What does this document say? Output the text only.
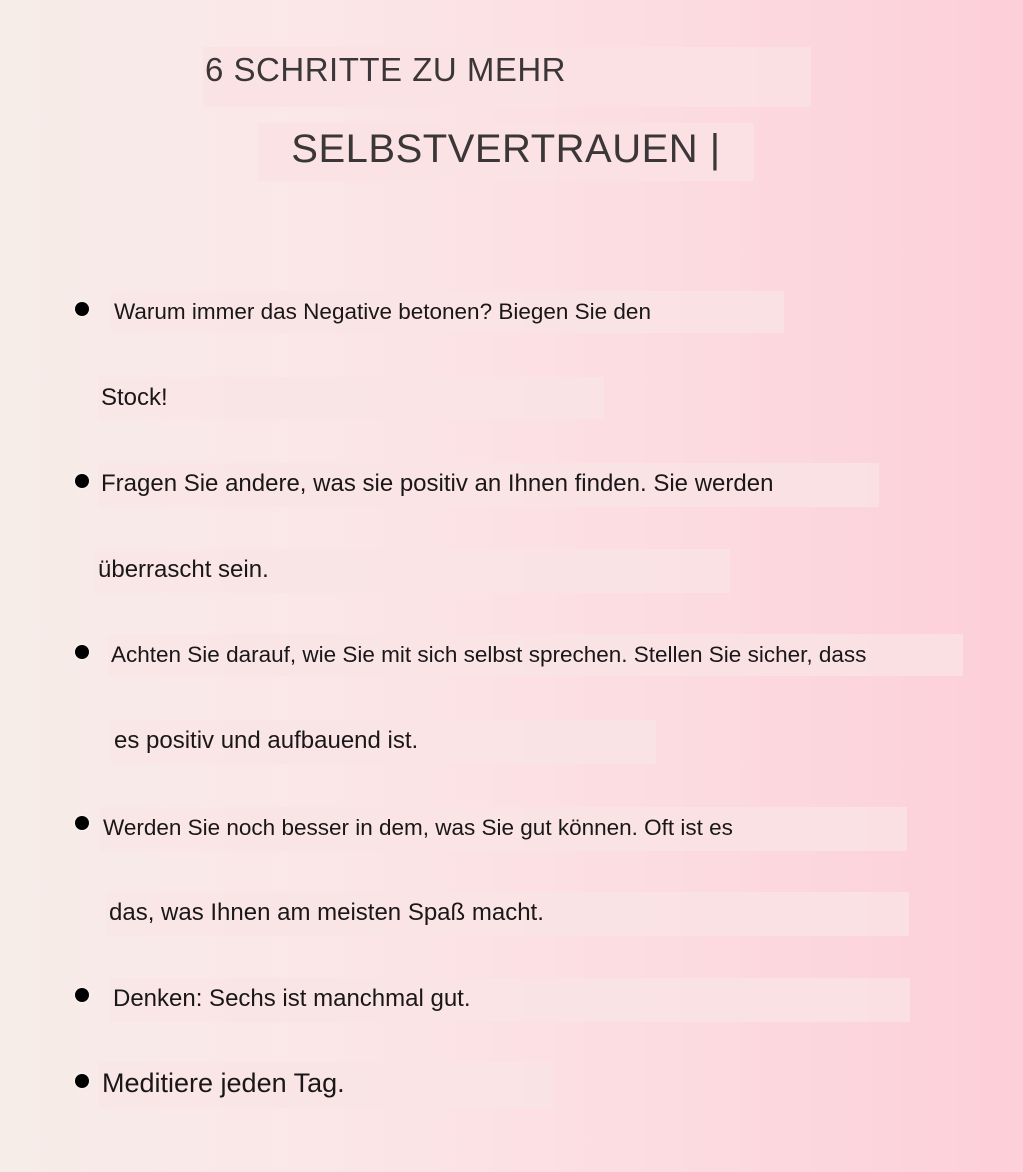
6 SCHRITTE ZU MEHR
SELBSTVERTRAUEN |
Warum immer das Negative betonen? Biegen Sie den
Stock!
Fragen Sie andere, was sie positiv an Ihnen finden. Sie werden
überrascht sein.
Achten Sie darauf, wie Sie mit sich selbst sprechen. Stellen Sie sicher, dass
es positiv und aufbauend ist.
Werden Sie noch besser in dem, was Sie gut können. Oft ist es
das, was Ihnen am meisten Spaß macht.
Denken: Sechs ist manchmal gut.
Meditiere jeden Tag.
